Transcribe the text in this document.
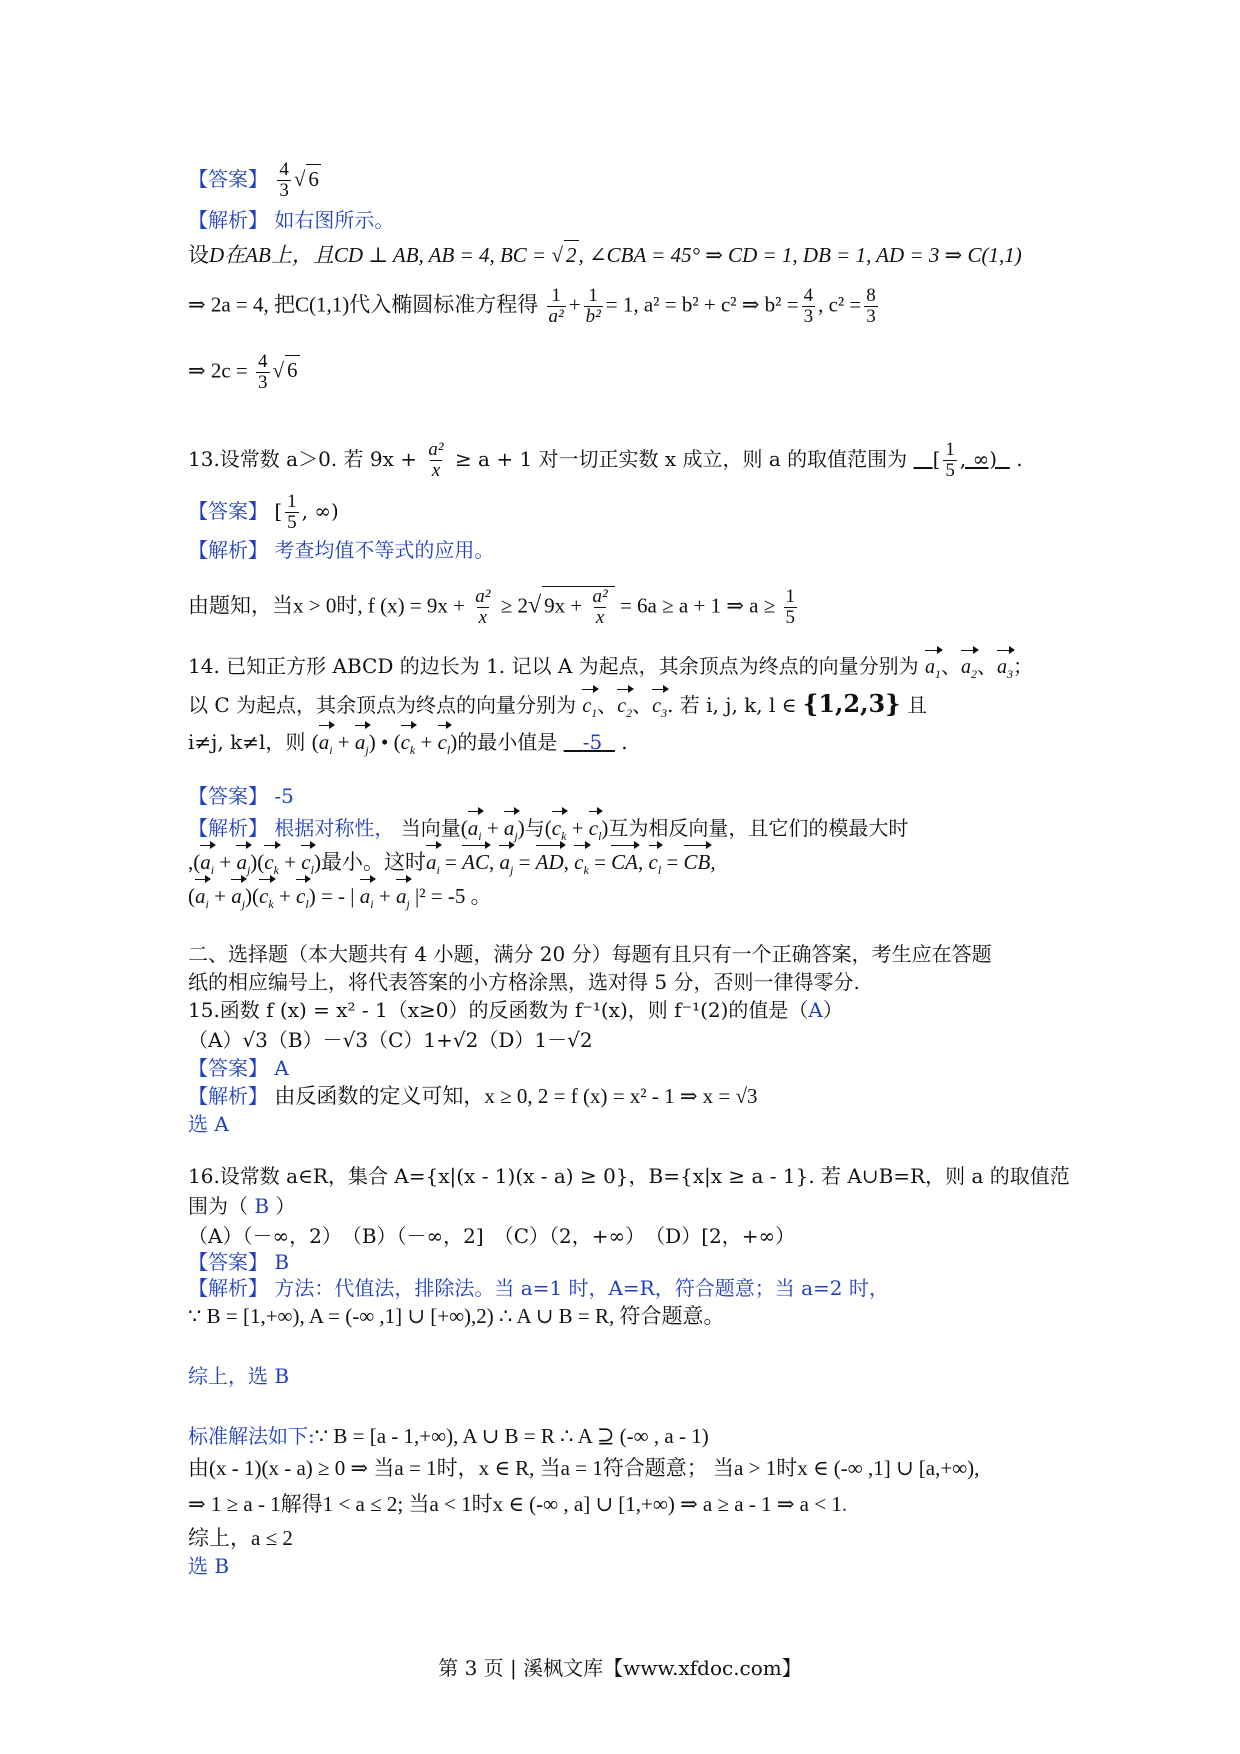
【答案】 $\frac{4}{3}$ √ 6
【解析】 如右图所示。
设D在AB上，且CD ⊥ AB, AB = 4, BC = √ 2, ∠CBA = 45° ⇒ CD = 1, DB = 1, AD = 3 ⇒ C(1,1)
⇒ 2a = 4, 把C(1,1)代入椭圆标准方程得 $\frac{1}{\text{a²}} + \frac{1}{\text{b²}} = 1$, a² = b² + c² ⇒ $b^2 = \frac{4}{3}$ , $c^2 = \frac{8}{3}$
⇒ $2c = \frac{4}{3}$ √ 6
13.设常数 a＞0. 若 $9x + \frac{\text{a²}}{x} \ge a + 1$ 对一切正实数 x 成立，则 a 的取值范围为 [ $\frac{1}{5}$ , ∞) .
【答案】 [ $\frac{1}{5}$ , ∞)
【解析】 考查均值不等式的应用。
由题知，当x > 0时, f $(x) = 9x + \frac{\text{a²}}{x} \ge 2√$ $9x + \frac{\text{a²}}{x} = 6a \ge a + 1$ ⇒ $a \ge \frac{1}{5}$
14. 已知正方形 ABCD 的边长为 1. 记以 A 为起点，其余顶点为终点的向量分别为 $a_1$、$a_2$、$a_3$；
以 C 为起点，其余顶点为终点的向量分别为 $c_1$、$c_2$、$c_3$. 若 i, j, k, l ∈ {1,2,3} 且
i≠j, k≠l，则 $(a_i + a_j)$ • $(c_k + c_l)$的最小值是 -5 .
【答案】 -5
【解析】 根据对称性， 当向量$(a_i + a_j)$与$(c_k + c_l)$互为相反向量，且它们的模最大时
$,(a_i + a_j)(c_k + c_l)$最小。这时$a_i$ = AC, $a_j$ = AD, $c_k$ = CA, $c_l$ = CB,
$(a_i + a_j)(c_k + c_l)$ = - | $a_i + a_j$ |² = -5 。
二、选择题（本大题共有 4 小题，满分 20 分）每题有且只有一个正确答案，考生应在答题
纸的相应编号上，将代表答案的小方格涂黑，选对得 5 分，否则一律得零分.
15.函数 f (x) = x² - 1（x≥0）的反函数为 f⁻¹(x)，则 f⁻¹(2)的值是（A）
（A）√3（B）－√3（C）1+√2（D）1－√2
【答案】 A
【解析】 由反函数的定义可知，x ≥ 0, 2 = f (x) = x² - 1 ⇒ x = √3
选 A
16.设常数 a∈R，集合 A={x|(x - 1)(x - a) ≥ 0}，B={x|x ≥ a - 1}. 若 A∪B=R，则 a 的取值范
围为（ B ）
（A）（－∞，2）　（B）（－∞，2]　（C）（2，+∞）　（D）[2，+∞）
【答案】 B
【解析】 方法：代值法，排除法。当 a=1 时，A=R，符合题意；当 a=2 时，
∵ B = [1,+∞), A = (-∞ ,1] ∪ [+∞),2) ∴ A ∪ B = R, 符合题意。
综上，选 B
标准解法如下:∵ B = [a - 1,+∞), A ∪ B = R ∴ A ⊇ (-∞ , a - 1)
由(x - 1)(x - a) ≥ 0 ⇒ 当a = 1时，x ∈ R, 当a = 1符合题意； 当a > 1时x ∈ (-∞ ,1] ∪ [a,+∞),
⇒ 1 ≥ a - 1解得1 < a ≤ 2; 当a < 1时x ∈ (-∞ , a] ∪ [1,+∞) ⇒ a ≥ a - 1 ⇒ a < 1.
综上，a ≤ 2
选 B
第 3 页 | 溪枫文库【www.xfdoc.com】
